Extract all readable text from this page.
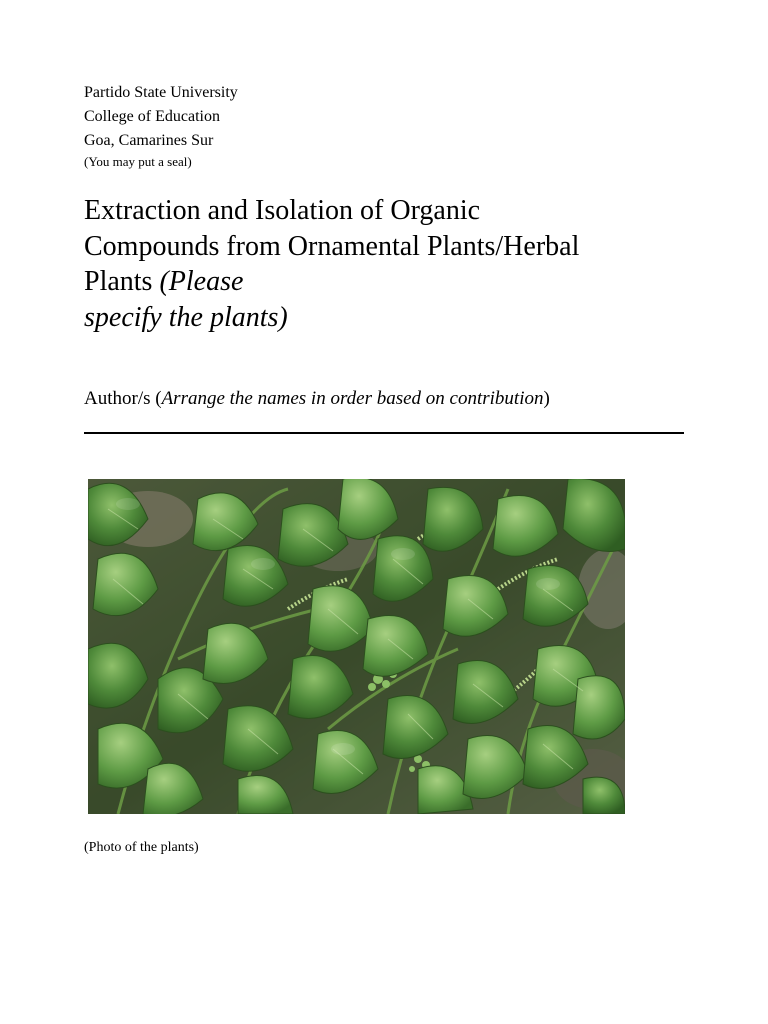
Partido State University
College of Education
Goa, Camarines Sur
(You may put a seal)
Extraction and Isolation of Organic
Compounds from Ornamental Plants/Herbal
Plants (Please
specify the plants)
Author/s (Arrange the names in order based on contribution)
(Photo of the plants)
